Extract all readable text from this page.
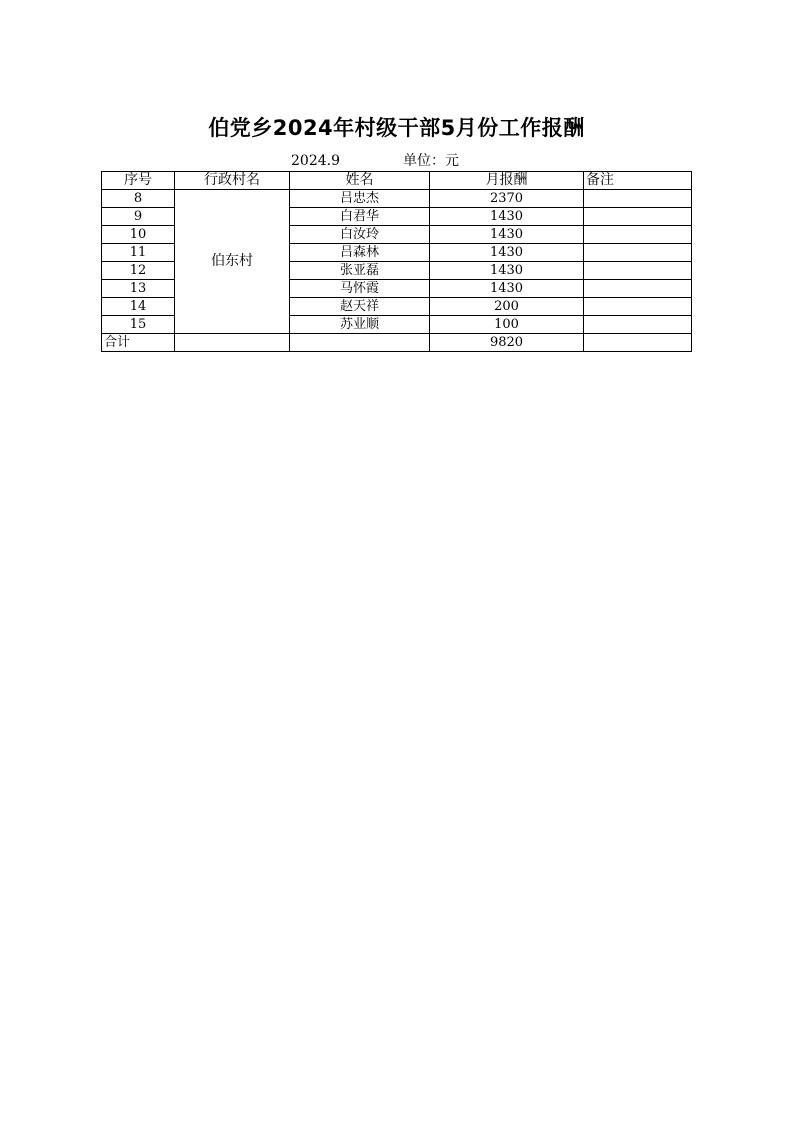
伯党乡2024年村级干部5月份工作报酬
2024.9	单位：元
序号	行政村名	姓名	月报酬	备注
8	伯东村	吕忠杰	2370	
9		白君华	1430	
10		白汝玲	1430	
11		吕森林	1430	
12		张亚磊	1430	
13		马怀霞	1430	
14		赵天祥	200	
15		苏业顺	100	
合计			9820	
